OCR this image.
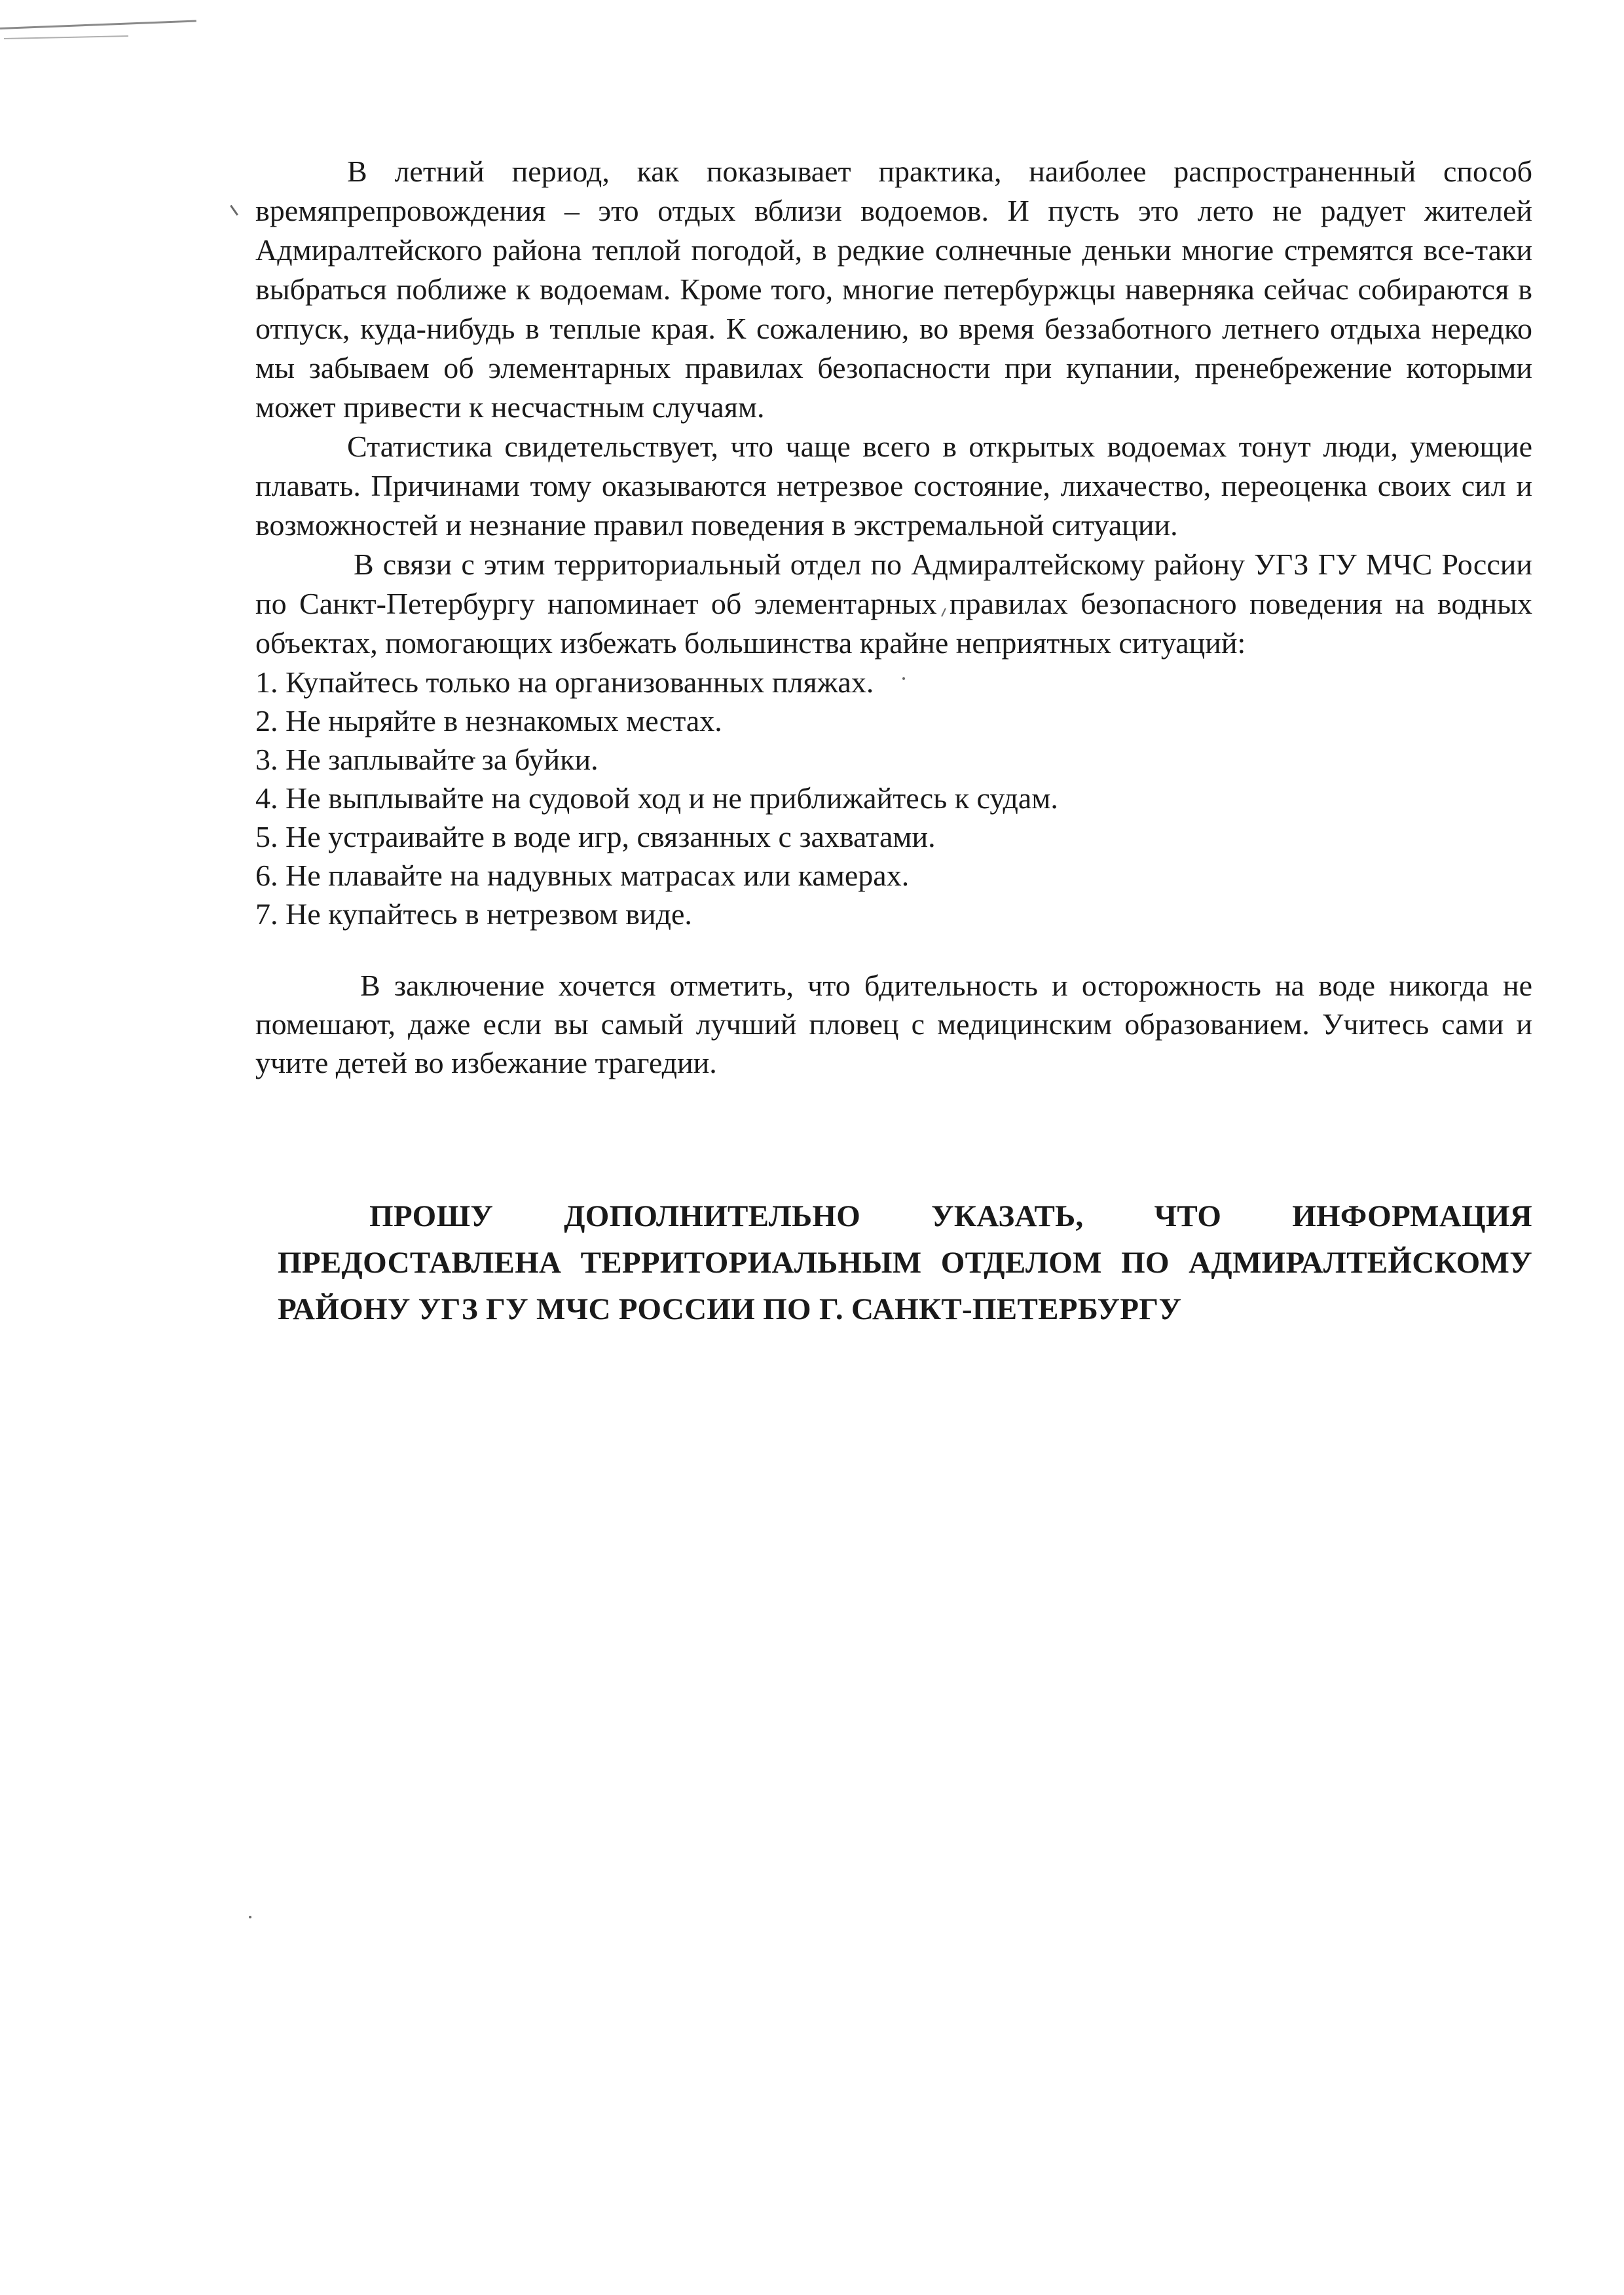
В летний период, как показывает практика, наиболее распространенный способ времяпрепровождения – это отдых вблизи водоемов. И пусть это лето не радует жителей Адмиралтейского района теплой погодой, в редкие солнечные деньки многие стремятся все-таки выбраться поближе к водоемам. Кроме того, многие петербуржцы наверняка сейчас собираются в отпуск, куда-нибудь в теплые края. К сожалению, во время беззаботного летнего отдыха нередко мы забываем об элементарных правилах безопасности при купании, пренебрежение которыми может привести к несчастным случаям.

Статистика свидетельствует, что чаще всего в открытых водоемах тонут люди, умеющие плавать. Причинами тому оказываются нетрезвое состояние, лихачество, переоценка своих сил и возможностей и незнание правил поведения в экстремальной ситуации.

В связи с этим территориальный отдел по Адмиралтейскому району УГЗ ГУ МЧС России по Санкт-Петербургу напоминает об элементарных правилах безопасного поведения на водных объектах, помогающих избежать большинства крайне неприятных ситуаций:

1. Купайтесь только на организованных пляжах.
2. Не ныряйте в незнакомых местах.
3. Не заплывайте за буйки.
4. Не выплывайте на судовой ход и не приближайтесь к судам.
5. Не устраивайте в воде игр, связанных с захватами.
6. Не плавайте на надувных матрасах или камерах.
7. Не купайтесь в нетрезвом виде.

В заключение хочется отметить, что бдительность и осторожность на воде никогда не помешают, даже если вы самый лучший пловец с медицинским образованием. Учитесь сами и учите детей во избежание трагедии.

ПРОШУ ДОПОЛНИТЕЛЬНО УКАЗАТЬ, ЧТО ИНФОРМАЦИЯ ПРЕДОСТАВЛЕНА ТЕРРИТОРИАЛЬНЫМ ОТДЕЛОМ ПО АДМИРАЛТЕЙСКОМУ РАЙОНУ УГЗ ГУ МЧС РОССИИ ПО Г. САНКТ-ПЕТЕРБУРГУ
